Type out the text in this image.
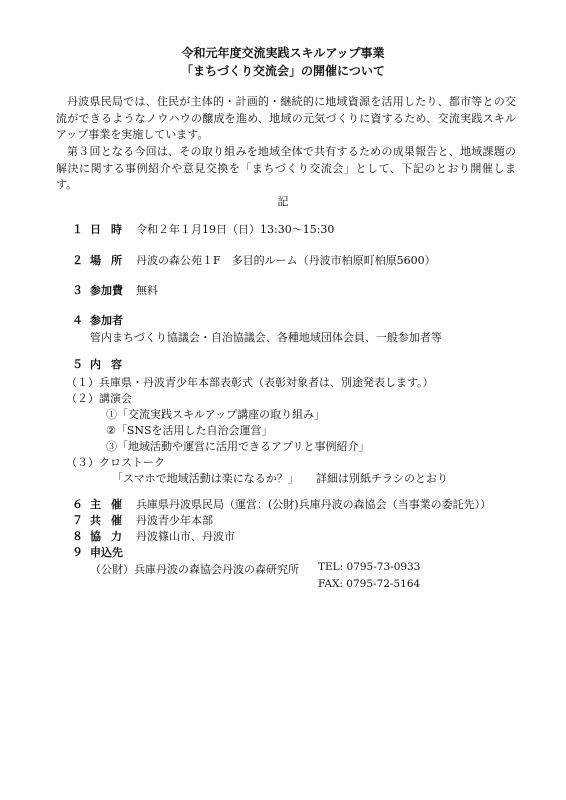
令和元年度交流実践スキルアップ事業
「まちづくり交流会」の開催について
丹波県民局では、住民が主体的・計画的・継続的に地域資源を活用したり、都市等との交流ができるようなノウハウの醸成を進め、地域の元気づくりに資するため、交流実践スキルアップ事業を実施しています。
第３回となる今回は、その取り組みを地域全体で共有するための成果報告と、地域課題の解決に関する事例紹介や意見交換を「まちづくり交流会」として、下記のとおり開催します。
記
１ 日時 令和２年１月19日（日）13:30～15:30
２ 場所 丹波の森公苑１F　多目的ルーム（丹波市柏原町柏原5600）
３ 参加費 無料
４ 参加者
管内まちづくり協議会・自治協議会、各種地域団体会員、一般参加者等
５ 内容
（１）兵庫県・丹波青少年本部表彰式（表彰対象者は、別途発表します。）
（２）講演会
①「交流実践スキルアップ講座の取り組み」
②「SNSを活用した自治会運営」
③「地域活動や運営に活用できるアプリと事例紹介」
（３）クロストーク
「スマホで地域活動は楽になるか？」 詳細は別紙チラシのとおり
６ 主催 兵庫県丹波県民局（運営：(公財)兵庫丹波の森協会（当事業の委託先））
７ 共催 丹波青少年本部
８ 協力 丹波篠山市、丹波市
９ 申込先
（公財）兵庫丹波の森協会丹波の森研究所 TEL: 0795-73-0933
FAX: 0795-72-5164
